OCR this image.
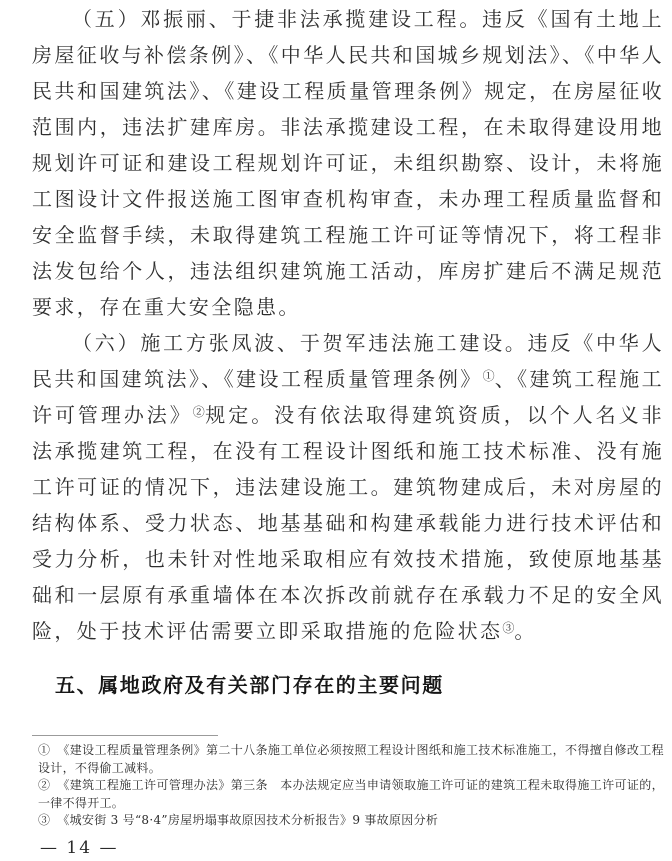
（五）邓振丽、于捷非法承揽建设工程。违反《国有土地上房屋征收与补偿条例》、《中华人民共和国城乡规划法》、《中华人民共和国建筑法》、《建设工程质量管理条例》规定，在房屋征收范围内，违法扩建库房。非法承揽建设工程，在未取得建设用地规划许可证和建设工程规划许可证，未组织勘察、设计，未将施工图设计文件报送施工图审查机构审查，未办理工程质量监督和安全监督手续，未取得建筑工程施工许可证等情况下，将工程非法发包给个人，违法组织建筑施工活动，库房扩建后不满足规范要求，存在重大安全隐患。

（六）施工方张凤波、于贺军违法施工建设。违反《中华人民共和国建筑法》、《建设工程质量管理条例》①、《建筑工程施工许可管理办法》②规定。没有依法取得建筑资质，以个人名义非法承揽建筑工程，在没有工程设计图纸和施工技术标准、没有施工许可证的情况下，违法建设施工。建筑物建成后，未对房屋的结构体系、受力状态、地基基础和构建承载能力进行技术评估和受力分析，也未针对性地采取相应有效技术措施，致使原地基基础和一层原有承重墙体在本次拆改前就存在承载力不足的安全风险，处于技术评估需要立即采取措施的危险状态③。

五、属地政府及有关部门存在的主要问题
① 《建设工程质量管理条例》第二十八条施工单位必须按照工程设计图纸和施工技术标准施工，不得擅自修改工程设计，不得偷工减料。
② 《建筑工程施工许可管理办法》第三条　本办法规定应当申请领取施工许可证的建筑工程未取得施工许可证的，一律不得开工。
③ 《城安街 3 号“8·4”房屋坍塌事故原因技术分析报告》9 事故原因分析
— 14 —
